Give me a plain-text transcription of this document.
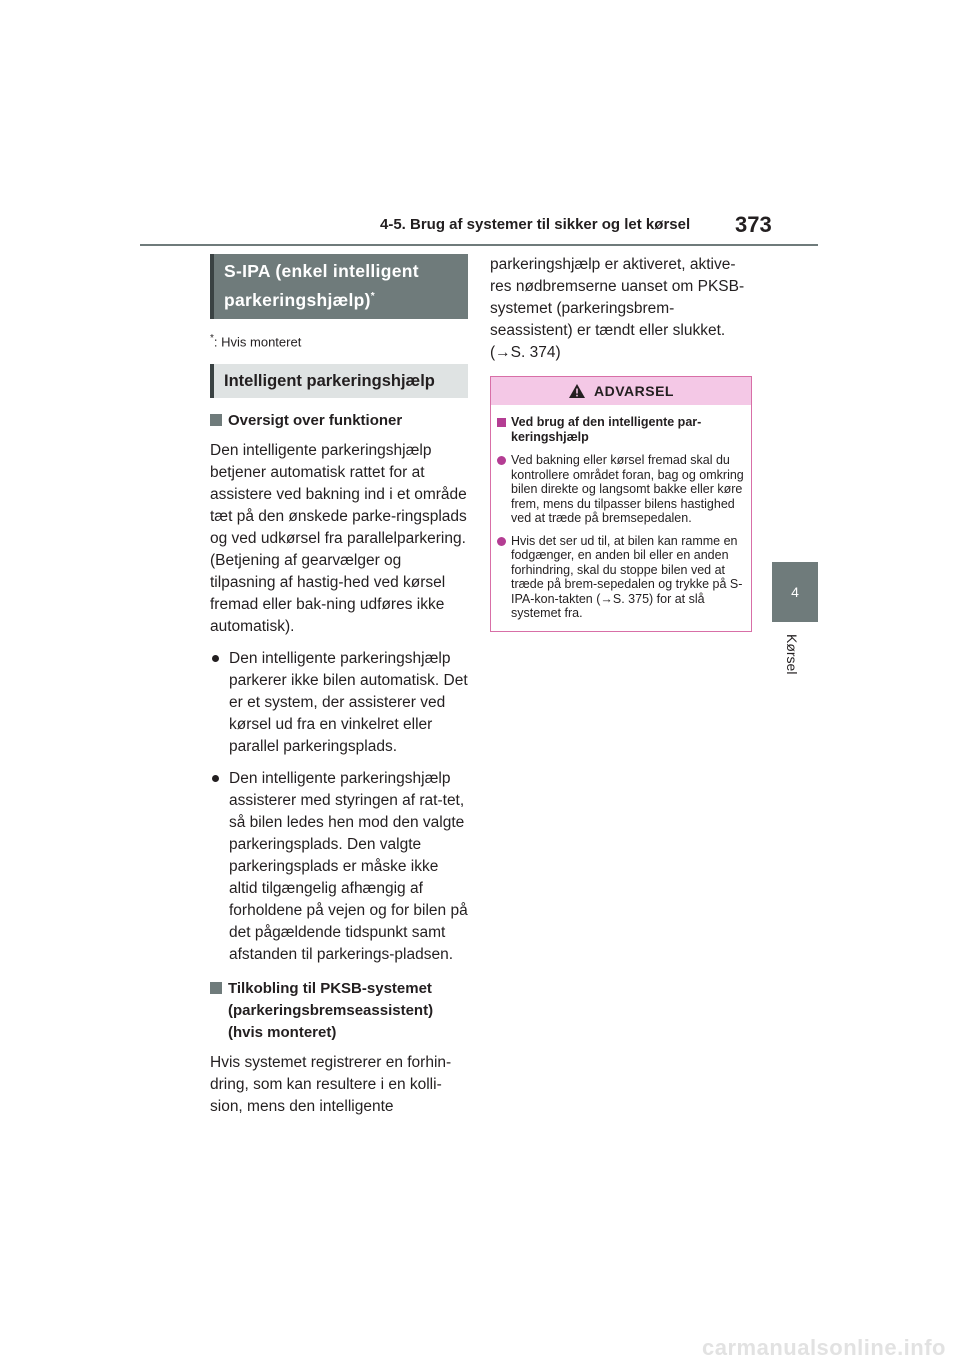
4-5. Brug af systemer til sikker og let kørsel 373
4
Kørsel
S-IPA (enkel intelligent parkeringshjælp)*
*: Hvis monteret
Intelligent parkeringshjælp
Oversigt over funktioner

Den intelligente parkeringshjælp betjener automatisk rattet for at assistere ved bakning ind i et område tæt på den ønskede parke-ringsplads og ved udkørsel fra parallelparkering. (Betjening af gearvælger og tilpasning af hastig-hed ved kørsel fremad eller bak-ning udføres ikke automatisk).

Den intelligente parkeringshjælp parkerer ikke bilen automatisk. Det er et system, der assisterer ved kørsel ud fra en vinkelret eller parallel parkeringsplads.
Den intelligente parkeringshjælp assisterer med styringen af rat-tet, så bilen ledes hen mod den valgte parkeringsplads. Den valgte parkeringsplads er måske ikke altid tilgængelig afhængig af forholdene på vejen og for bilen på det pågældende tidspunkt samt afstanden til parkerings-pladsen.
Tilkobling til PKSB-systemet (parkeringsbremseassistent) (hvis monteret)

Hvis systemet registrerer en forhin-dring, som kan resultere i en kolli-sion, mens den intelligente

parkeringshjælp er aktiveret, aktive-res nødbremserne uanset om PKSB-systemet (parkeringsbrem-seassistent) er tændt eller slukket. (→S. 374)

ADVARSEL
Ved brug af den intelligente par-keringshjælp
Ved bakning eller kørsel fremad skal du kontrollere området foran, bag og omkring bilen direkte og langsomt bakke eller køre frem, mens du tilpasser bilens hastighed ved at træde på bremsepedalen.
Hvis det ser ud til, at bilen kan ramme en fodgænger, en anden bil eller en anden forhindring, skal du stoppe bilen ved at træde på brem-sepedalen og trykke på S-IPA-kon-takten (→S. 375) for at slå systemet fra.
carmanualsonline.info
